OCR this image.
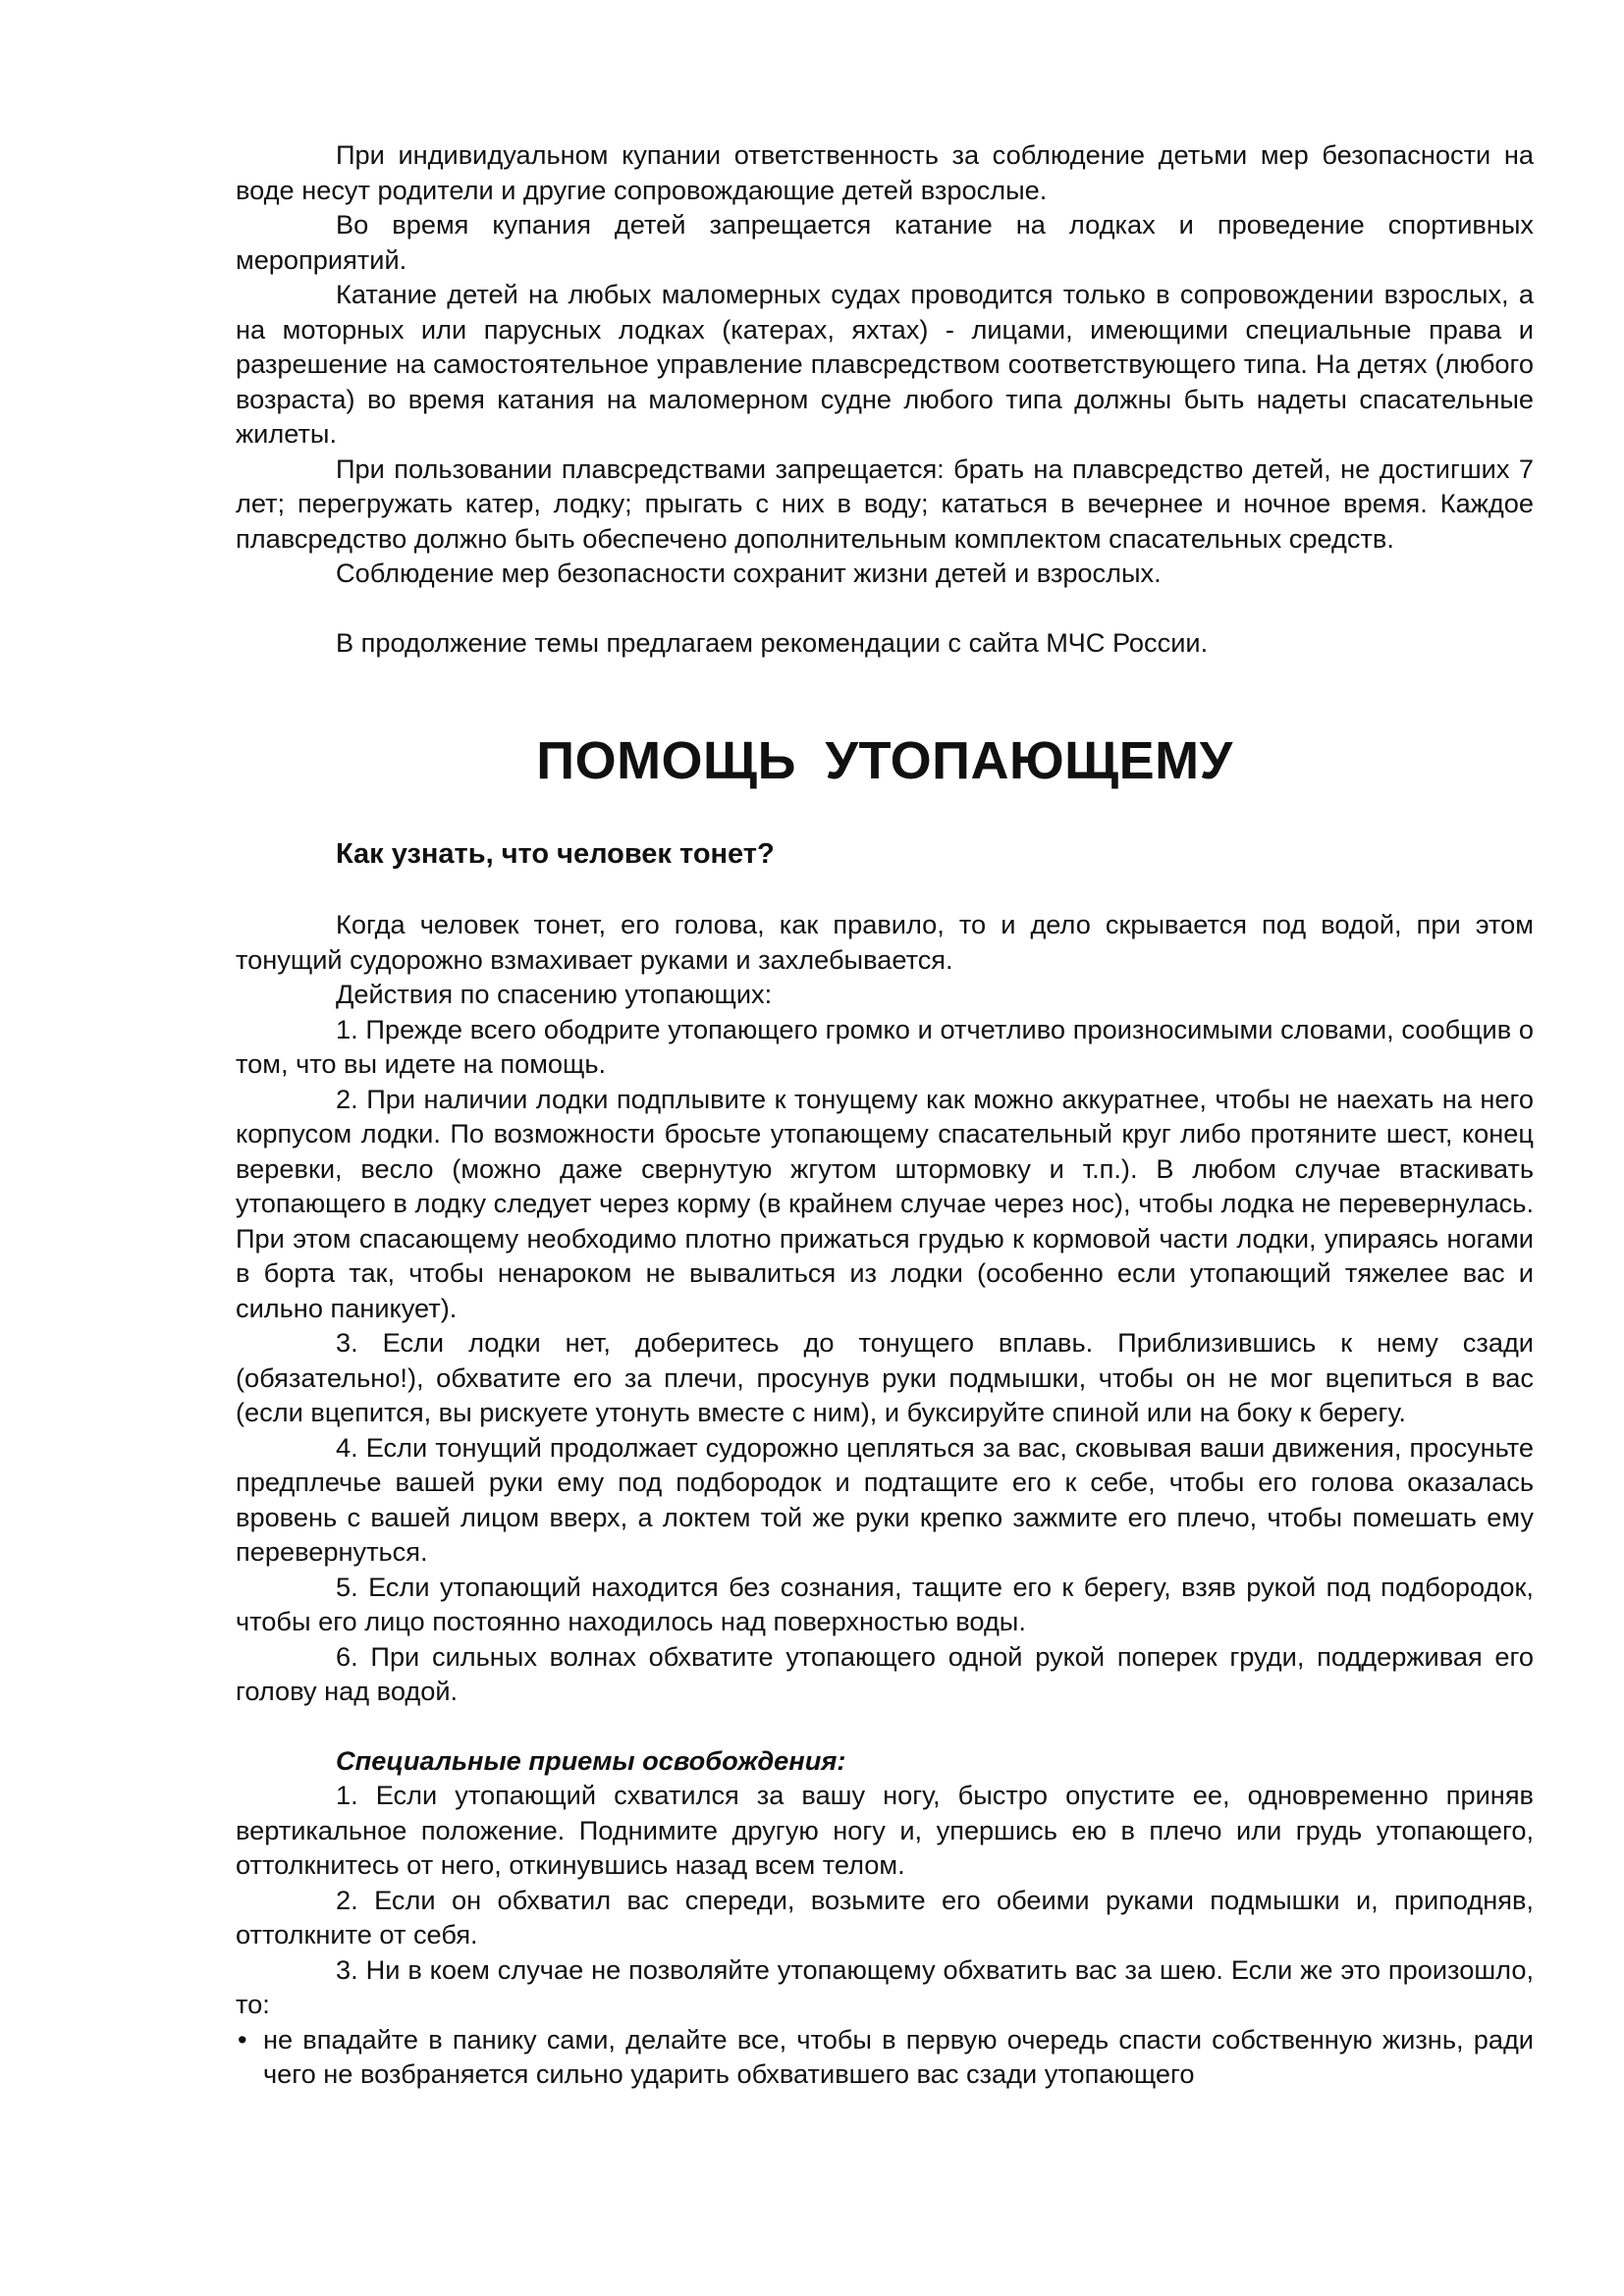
При индивидуальном купании ответственность за соблюдение детьми мер безопасности на воде несут родители и другие сопровождающие детей взрослые.

Во время купания детей запрещается катание на лодках и проведение спортивных мероприятий.

Катание детей на любых маломерных судах проводится только в сопровождении взрослых, а на моторных или парусных лодках (катерах, яхтах) - лицами, имеющими специальные права и разрешение на самостоятельное управление плавсредством соответствующего типа. На детях (любого возраста) во время катания на маломерном судне любого типа должны быть надеты спасательные жилеты.

При пользовании плавсредствами запрещается: брать на плавсредство детей, не достигших 7 лет; перегружать катер, лодку; прыгать с них в воду; кататься в вечернее и ночное время. Каждое плавсредство должно быть обеспечено дополнительным комплектом спасательных средств.

Соблюдение мер безопасности сохранит жизни детей и взрослых.

В продолжение темы предлагаем рекомендации с сайта МЧС России.

ПОМОЩЬ УТОПАЮЩЕМУ
Как узнать, что человек тонет?

Когда человек тонет, его голова, как правило, то и дело скрывается под водой, при этом тонущий судорожно взмахивает руками и захлебывается.

Действия по спасению утопающих:

1. Прежде всего ободрите утопающего громко и отчетливо произносимыми словами, сообщив о том, что вы идете на помощь.

2. При наличии лодки подплывите к тонущему как можно аккуратнее, чтобы не наехать на него корпусом лодки. По возможности бросьте утопающему спасательный круг либо протяните шест, конец веревки, весло (можно даже свернутую жгутом штормовку и т.п.). В любом случае втаскивать утопающего в лодку следует через корму (в крайнем случае через нос), чтобы лодка не перевернулась. При этом спасающему необходимо плотно прижаться грудью к кормовой части лодки, упираясь ногами в борта так, чтобы ненароком не вывалиться из лодки (особенно если утопающий тяжелее вас и сильно паникует).

3. Если лодки нет, доберитесь до тонущего вплавь. Приблизившись к нему сзади (обязательно!), обхватите его за плечи, просунув руки подмышки, чтобы он не мог вцепиться в вас (если вцепится, вы рискуете утонуть вместе с ним), и буксируйте спиной или на боку к берегу.

4. Если тонущий продолжает судорожно цепляться за вас, сковывая ваши движения, просуньте предплечье вашей руки ему под подбородок и подтащите его к себе, чтобы его голова оказалась вровень с вашей лицом вверх, а локтем той же руки крепко зажмите его плечо, чтобы помешать ему перевернуться.

5. Если утопающий находится без сознания, тащите его к берегу, взяв рукой под подбородок, чтобы его лицо постоянно находилось над поверхностью воды.

6. При сильных волнах обхватите утопающего одной рукой поперек груди, поддерживая его голову над водой.

Специальные приемы освобождения:

1. Если утопающий схватился за вашу ногу, быстро опустите ее, одновременно приняв вертикальное положение. Поднимите другую ногу и, упершись ею в плечо или грудь утопающего, оттолкнитесь от него, откинувшись назад всем телом.

2. Если он обхватил вас спереди, возьмите его обеими руками подмышки и, приподняв, оттолкните от себя.

3. Ни в коем случае не позволяйте утопающему обхватить вас за шею. Если же это произошло, то:

• не впадайте в панику сами, делайте все, чтобы в первую очередь спасти собственную жизнь, ради чего не возбраняется сильно ударить обхватившего вас сзади утопающего
